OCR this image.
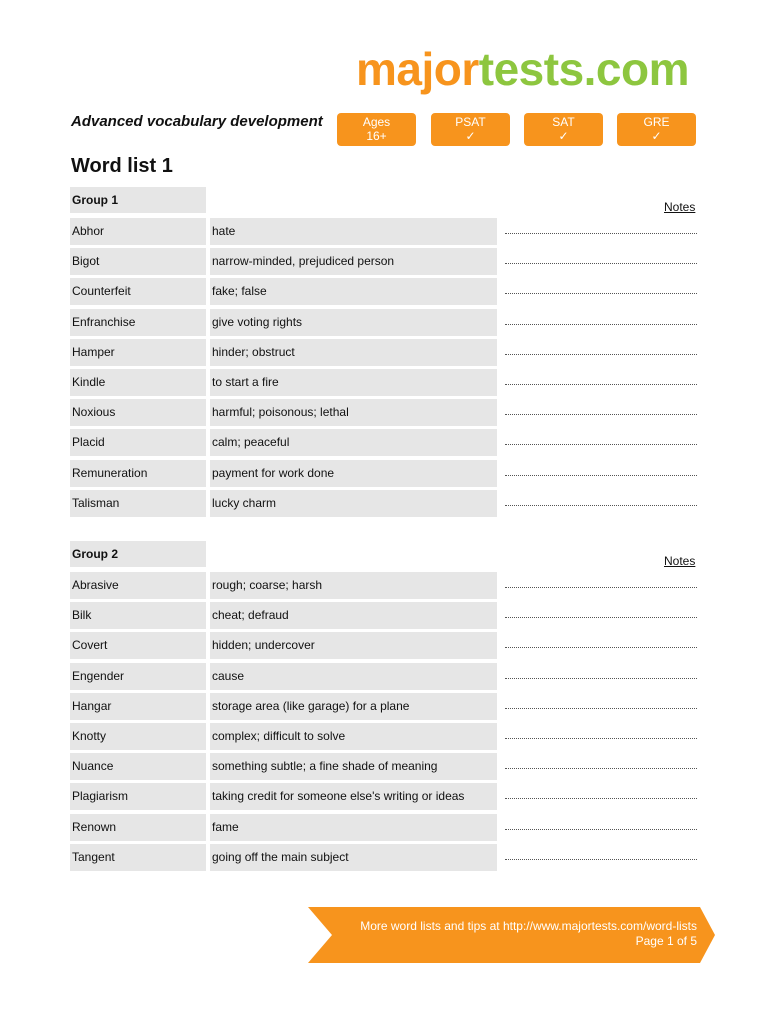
majortests.com
Advanced vocabulary development	Ages
16+
PSAT
✓
SAT
✓
GRE
✓
Word list 1
Group 1	Notes
Abhor	hate
Bigot	narrow-minded, prejudiced person
Counterfeit	fake; false
Enfranchise	give voting rights
Hamper	hinder; obstruct
Kindle	to start a fire
Noxious	harmful; poisonous; lethal
Placid	calm; peaceful
Remuneration	payment for work done
Talisman	lucky charm
Group 2	Notes
Abrasive	rough; coarse; harsh
Bilk	cheat; defraud
Covert	hidden; undercover
Engender	cause
Hangar	storage area (like garage) for a plane
Knotty	complex; difficult to solve
Nuance	something subtle; a fine shade of meaning
Plagiarism	taking credit for someone else's writing or ideas
Renown	fame
Tangent	going off the main subject
More word lists and tips at http://www.majortests.com/word-lists
Page 1 of 5
